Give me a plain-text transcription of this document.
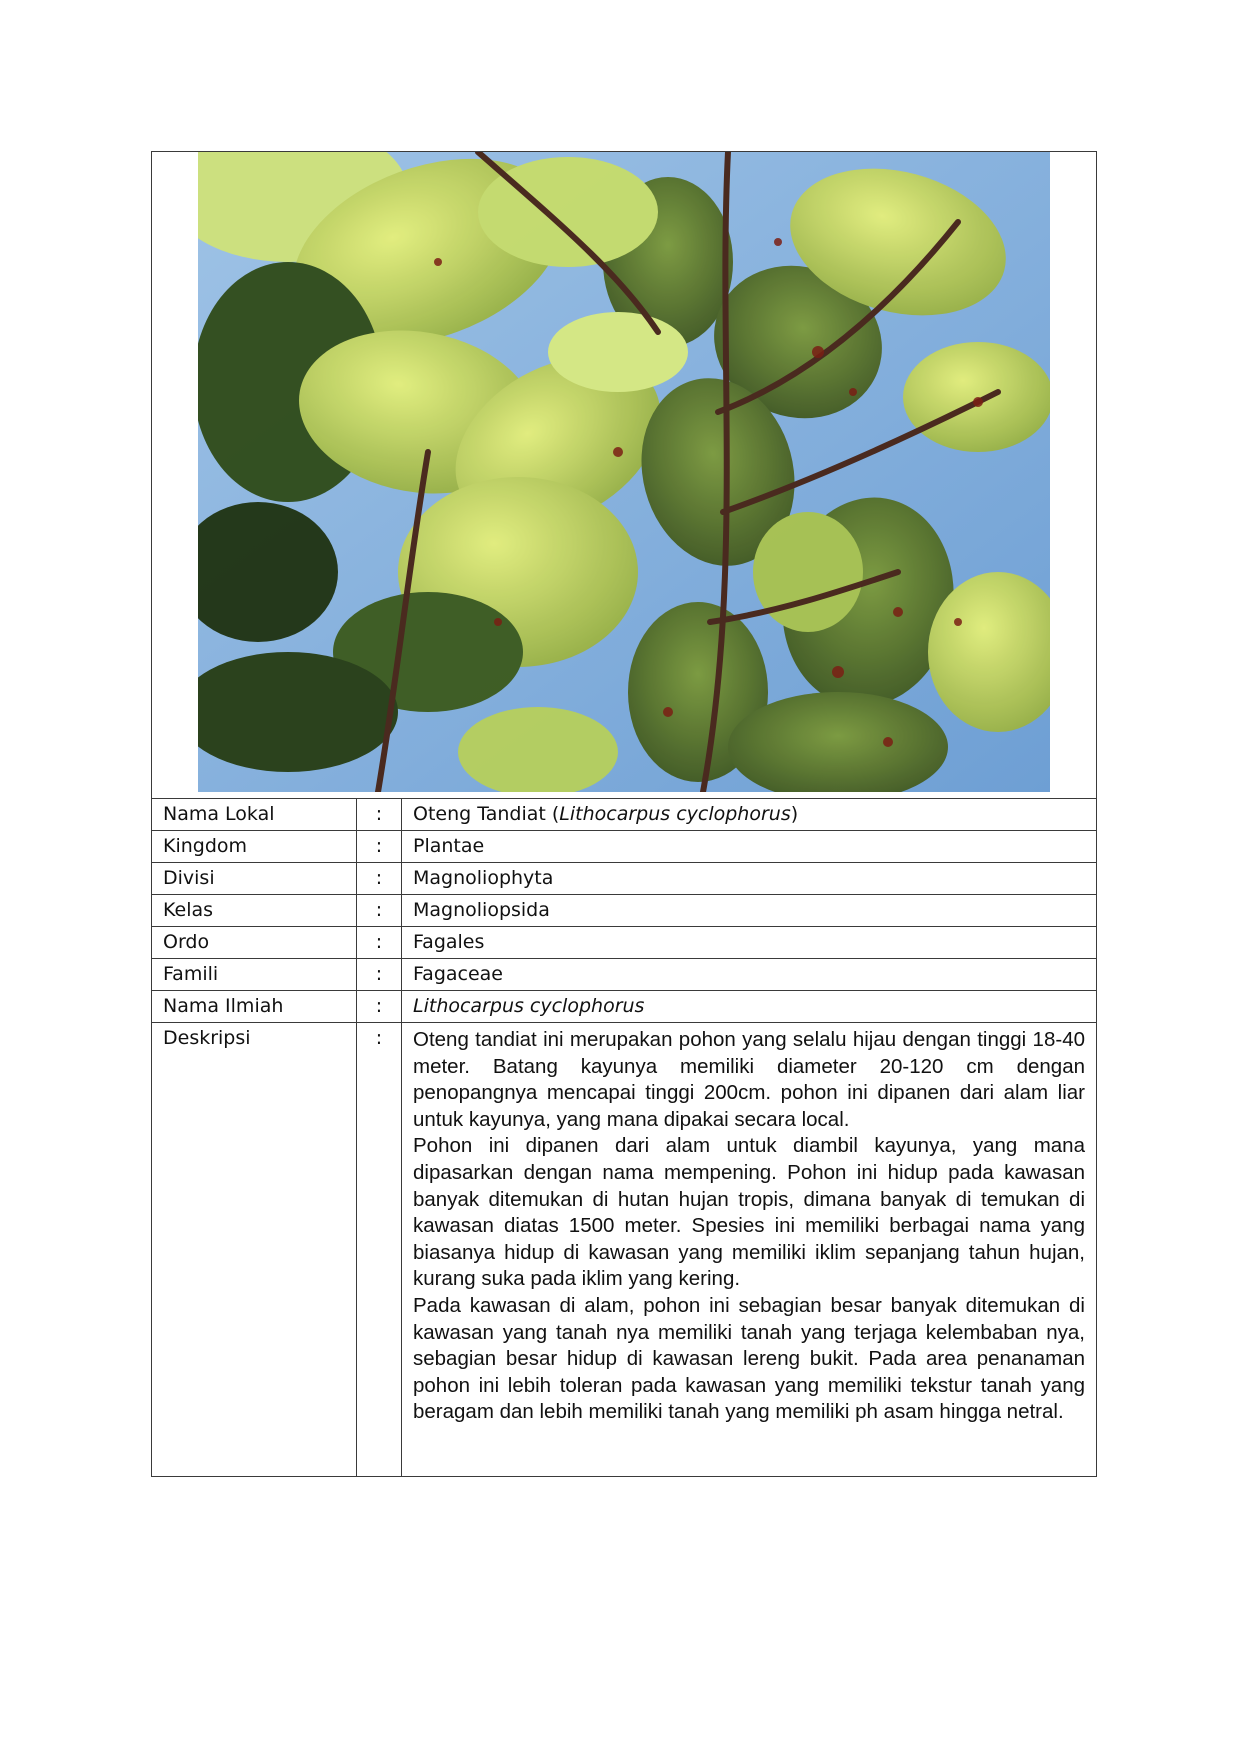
Nama Lokal	:	Oteng Tandiat (Lithocarpus cyclophorus)
Kingdom	:	Plantae
Divisi	:	Magnoliophyta
Kelas	:	Magnoliopsida
Ordo	:	Fagales
Famili	:	Fagaceae
Nama Ilmiah	:	Lithocarpus cyclophorus
Deskripsi	:	Oteng tandiat ini merupakan pohon yang selalu hijau dengan tinggi 18-40 meter. Batang kayunya memiliki diameter 20-120 cm dengan penopangnya mencapai tinggi 200cm. pohon ini dipanen dari alam liar untuk kayunya, yang mana dipakai secara local.

Pohon ini dipanen dari alam untuk diambil kayunya, yang mana dipasarkan dengan nama mempening. Pohon ini hidup pada kawasan banyak ditemukan di hutan hujan tropis, dimana banyak di temukan di kawasan diatas 1500 meter. Spesies ini memiliki berbagai nama yang biasanya hidup di kawasan yang memiliki iklim sepanjang tahun hujan, kurang suka pada iklim yang kering.

Pada kawasan di alam, pohon ini sebagian besar banyak ditemukan di kawasan yang tanah nya memiliki tanah yang terjaga kelembaban nya, sebagian besar hidup di kawasan lereng bukit. Pada area penanaman pohon ini lebih toleran pada kawasan yang memiliki tekstur tanah yang beragam dan lebih memiliki tanah yang memiliki ph asam hingga netral.
